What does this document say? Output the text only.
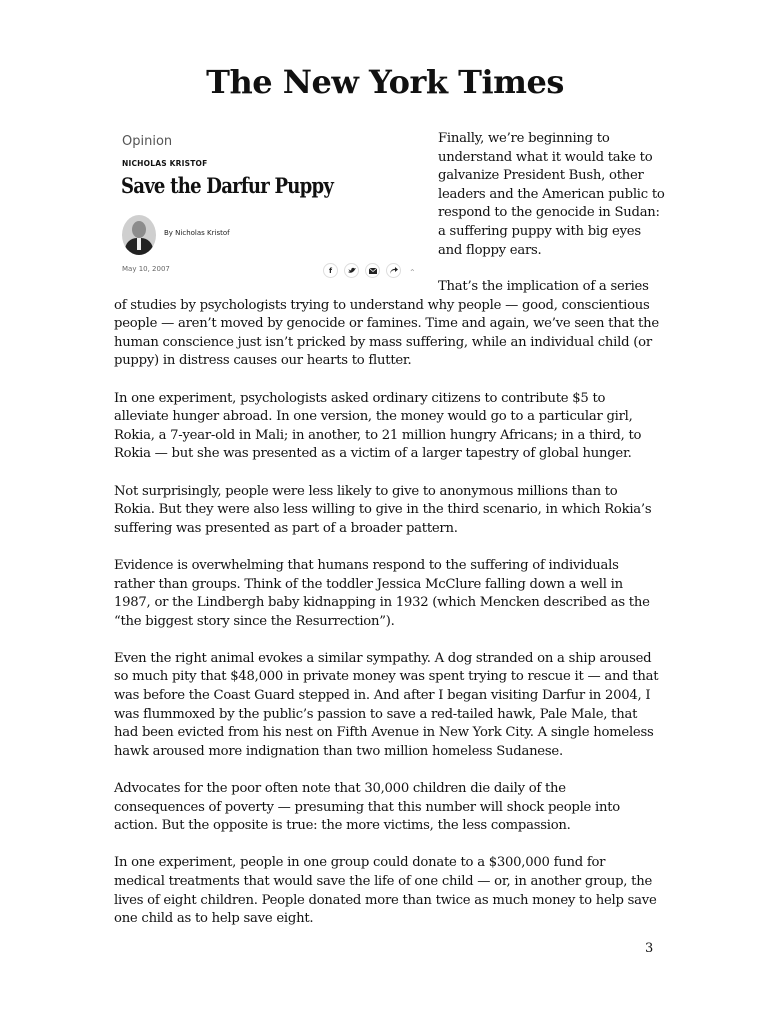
The New York Times
Opinion
NICHOLAS KRISTOF
Save the Darfur Puppy
By Nicholas Kristof
May 10, 2007	f	⌃

Finally, we’re beginning to understand what it would take to galvanize President Bush, other leaders and the American public to respond to the genocide in Sudan: a suffering puppy with big eyes and floppy ears.

That’s the implication of a series of studies by psychologists trying to understand why people — good, conscientious people — aren’t moved by genocide or famines. Time and again, we’ve seen that the human conscience just isn’t pricked by mass suffering, while an individual child (or puppy) in distress causes our hearts to flutter.

In one experiment, psychologists asked ordinary citizens to contribute $5 to alleviate hunger abroad. In one version, the money would go to a particular girl, Rokia, a 7-year-old in Mali; in another, to 21 million hungry Africans; in a third, to Rokia — but she was presented as a victim of a larger tapestry of global hunger.

Not surprisingly, people were less likely to give to anonymous millions than to Rokia. But they were also less willing to give in the third scenario, in which Rokia’s suffering was presented as part of a broader pattern.

Evidence is overwhelming that humans respond to the suffering of individuals rather than groups. Think of the toddler Jessica McClure falling down a well in 1987, or the Lindbergh baby kidnapping in 1932 (which Mencken described as the “the biggest story since the Resurrection”).

Even the right animal evokes a similar sympathy. A dog stranded on a ship aroused so much pity that $48,000 in private money was spent trying to rescue it — and that was before the Coast Guard stepped in. And after I began visiting Darfur in 2004, I was flummoxed by the public’s passion to save a red-tailed hawk, Pale Male, that had been evicted from his nest on Fifth Avenue in New York City. A single homeless hawk aroused more indignation than two million homeless Sudanese.

Advocates for the poor often note that 30,000 children die daily of the consequences of poverty — presuming that this number will shock people into action. But the opposite is true: the more victims, the less compassion.

In one experiment, people in one group could donate to a $300,000 fund for medical treatments that would save the life of one child — or, in another group, the lives of eight children. People donated more than twice as much money to help save one child as to help save eight.

3
